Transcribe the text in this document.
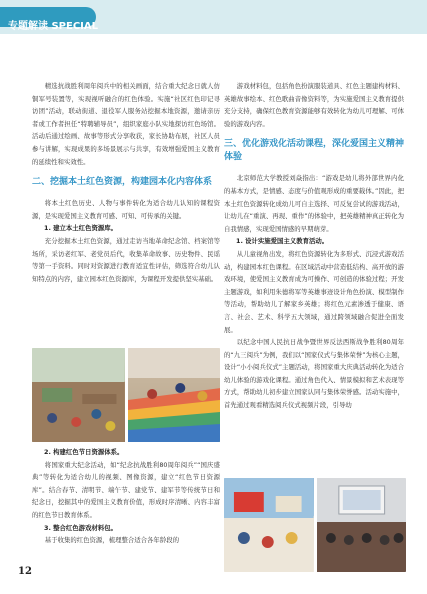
专题解读 SPECIAL

精选抗战胜利周年阅兵中的相关画面，结合重大纪念日就人仿铜军号装置等，实现视听融合的红色体验。实施“社区红色印记寻访团”活动，联动街道、退役军人服务站挖掘本地资源，邀请亲历者或工作者担任“特聘辅导员”，组织家庭小队实地探访红色场馆。活动后通过绘画、故事等形式分享收获，家长协助布展，社区人员参与讲解，实现成果的多场景展示与共享，有效增强爱国主义教育的延续性和实效性。

二、挖掘本土红色资源，构建园本化内容体系

将本土红色历史、人物与事件转化为适合幼儿认知的课程资源，是实现爱国主义教育可感、可知、可传承的关键。

1. 建立本土红色资源库。

充分挖掘本土红色资源，通过走访当地革命纪念馆、档案馆等场所，采访老红军、老党员后代，收集革命故事、历史物件、民谣等第一手资料。同时对资源进行教育适宜性评估，筛选符合幼儿认知特点的内容，建立园本红色资源库，为课程开发提供坚实基础。

2. 构建红色节日资源体系。

将国家重大纪念活动，如“纪念抗战胜利80周年阅兵”“国庆盛典”等转化为适合幼儿的视频、图像资源，建立“红色节日资源库”。结合春节、清明节、端午节、建党节、建军节等传统节日和纪念日，挖掘其中的爱国主义教育价值，形成时序清晰、内容丰富的红色节日教育体系。

3. 整合红色游戏材料包。

基于收集的红色资源，梳理整合适合各年龄段的

游戏材料包，包括角色扮演服装道具、红色主题建构材料、英雄故事绘本、红色歌曲音像资料等，为实施爱国主义教育提供充分支持，确保红色教育资源能够有效转化为幼儿可理解、可体验的游戏内容。

三、优化游戏化活动课程，深化爱国主义精神体验

北京师范大学教授刘焱指出：“游戏是幼儿将外部世界内化的基本方式，是情感、态度与价值观形成的重要载体。”因此，把本土红色资源转化成幼儿可自主选择、可反复尝试的游戏活动，让幼儿在“重演、再现、重作”的体验中，把英雄精神真正转化为自我情感，实现爱国情感的早期萌芽。

1. 设计实施爱国主义教育活动。

从儿童视角出发，将红色资源转化为多形式、沉浸式游戏活动，构建园本红色课程。在区域活动中营造低结构、高开放的游戏环境，使爱国主义教育成为可操作、可创造的体验过程；开发主题游戏，如利用朱德将军等英雄事迹设计角色扮演、模型制作等活动，帮助幼儿了解家乡英雄；将红色元素渗透于健康、语言、社会、艺术、科学五大领域，通过跨领域融合促进全面发展。

以纪念中国人民抗日战争暨世界反法西斯战争胜利80周年的“九三阅兵”为例，我们以“国家仪式与集体荣誉”为核心主题，设计“小小阅兵仪式”主题活动，将国家重大庆典活动转化为适合幼儿体验的游戏化课程。通过角色代入、情景模拟和艺术表现等方式，帮助幼儿初步建立国家认同与集体荣誉感。活动实施中，首先通过观看精选阅兵仪式视频片段，引导幼

12
